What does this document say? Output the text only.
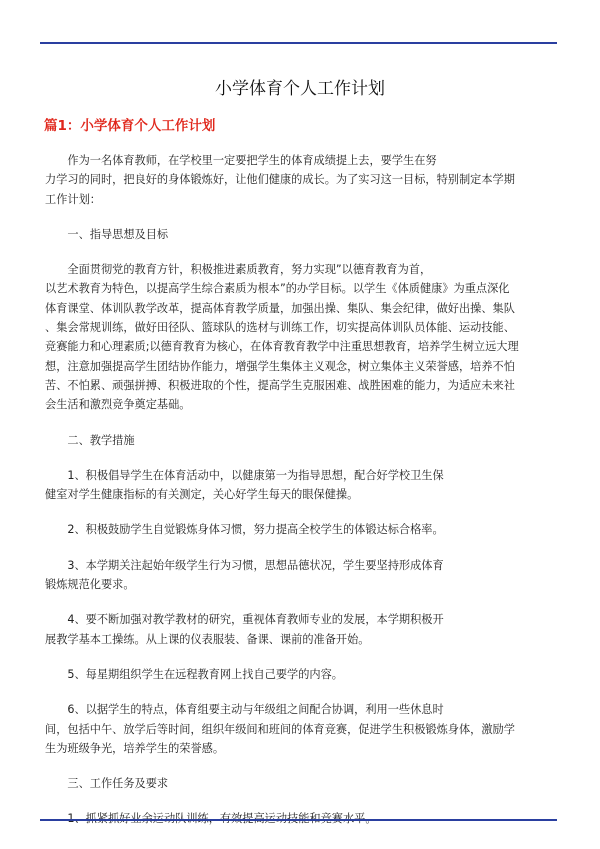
小学体育个人工作计划
篇1：小学体育个人工作计划

　　作为一名体育教师，在学校里一定要把学生的体育成绩提上去，要学生在努

力学习的同时，把良好的身体锻炼好，让他们健康的成长。为了实习这一目标，特别制定本学期

工作计划：

　　一、指导思想及目标

　　全面贯彻党的教育方针，积极推进素质教育，努力实现”以德育教育为首，

以艺术教育为特色，以提高学生综合素质为根本”的办学目标。以学生《体质健康》为重点深化

体育课堂、体训队教学改革，提高体育教学质量，加强出操、集队、集会纪律，做好出操、集队

、集会常规训练，做好田径队、篮球队的选材与训练工作，切实提高体训队员体能、运动技能、

竞赛能力和心理素质;以德育教育为核心，在体育教育教学中注重思想教育，培养学生树立远大理

想，注意加强提高学生团结协作能力，增强学生集体主义观念，树立集体主义荣誉感，培养不怕

苦、不怕累、顽强拼搏、积极进取的个性，提高学生克服困难、战胜困难的能力，为适应未来社

会生活和激烈竞争奠定基础。

　　二、教学措施

　　1、积极倡导学生在体育活动中，以健康第一为指导思想，配合好学校卫生保

健室对学生健康指标的有关测定，关心好学生每天的眼保健操。

　　2、积极鼓励学生自觉锻炼身体习惯，努力提高全校学生的体锻达标合格率。

　　3、本学期关注起始年级学生行为习惯，思想品德状况，学生要坚持形成体育

锻炼规范化要求。

　　4、要不断加强对教学教材的研究，重视体育教师专业的发展，本学期积极开

展教学基本工操练。从上课的仪表服装、备课、课前的准备开始。

　　5、每星期组织学生在远程教育网上找自己要学的内容。

　　6、以据学生的特点，体育组要主动与年级组之间配合协调，利用一些休息时

间，包括中午、放学后等时间，组织年级间和班间的体育竞赛，促进学生积极锻炼身体，激励学

生为班级争光，培养学生的荣誉感。

　　三、工作任务及要求
